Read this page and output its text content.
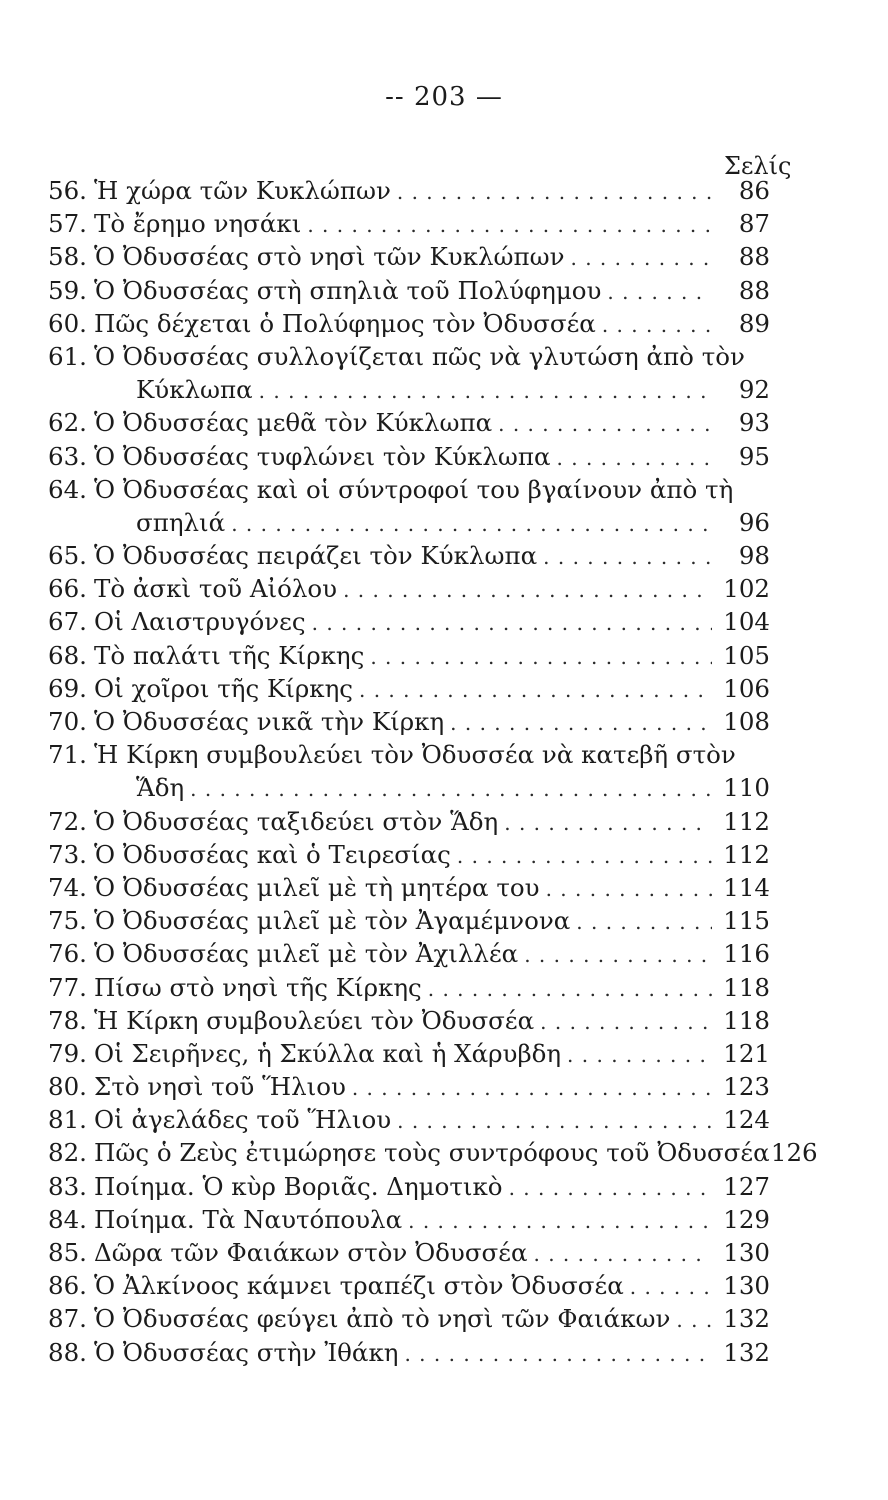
-- 203 —
Σελίς
56. Ἡ χώρα τῶν Κυκλώπων . . .	86
57. Τὸ ἔρημο νησάκι . . .	87
58. Ὁ Ὀδυσσέας στὸ νησὶ τῶν Κυκλώπων . . .	88
59. Ὁ Ὀδυσσέας στὴ σπηλιὰ τοῦ Πολύφημου . . .	88
60. Πῶς δέχεται ὁ Πολύφημος τὸν Ὀδυσσέα . . .	89
61. Ὁ Ὀδυσσέας συλλογίζεται πῶς νὰ γλυτώση ἀπὸ τὸν
Κύκλωπα . . .	92
62. Ὁ Ὀδυσσέας μεθᾶ τὸν Κύκλωπα . . .	93
63. Ὁ Ὀδυσσέας τυφλώνει τὸν Κύκλωπα . . .	95
64. Ὁ Ὀδυσσέας καὶ οἱ σύντροφοί του βγαίνουν ἀπὸ τὴ
σπηλιά . . .	96
65. Ὁ Ὀδυσσέας πειράζει τὸν Κύκλωπα . . .	98
66. Τὸ ἀσκὶ τοῦ Αἰόλου . . .	102
67. Οἱ Λαιστρυγόνες . . .	104
68. Τὸ παλάτι τῆς Κίρκης . . .	105
69. Οἱ χοῖροι τῆς Κίρκης . . .	106
70. Ὁ Ὀδυσσέας νικᾶ τὴν Κίρκη . . .	108
71. Ἡ Κίρκη συμβουλεύει τὸν Ὀδυσσέα νὰ κατεβῆ στὸν
Ἅδη . . .	110
72. Ὁ Ὀδυσσέας ταξιδεύει στὸν Ἅδη . . .	112
73. Ὁ Ὀδυσσέας καὶ ὁ Τειρεσίας . . .	112
74. Ὁ Ὀδυσσέας μιλεῖ μὲ τὴ μητέρα του . . .	114
75. Ὁ Ὀδυσσέας μιλεῖ μὲ τὸν Ἀγαμέμνονα . . .	115
76. Ὁ Ὀδυσσέας μιλεῖ μὲ τὸν Ἀχιλλέα . . .	116
77. Πίσω στὸ νησὶ τῆς Κίρκης . . .	118
78. Ἡ Κίρκη συμβουλεύει τὸν Ὀδυσσέα . . .	118
79. Οἱ Σειρῆνες, ἡ Σκύλλα καὶ ἡ Χάρυβδη . . .	121
80. Στὸ νησὶ τοῦ Ἥλιου . . .	123
81. Οἱ ἀγελάδες τοῦ Ἥλιου . . .	124
82. Πῶς ὁ Ζεὺς ἐτιμώρησε τοὺς συντρόφους τοῦ Ὀδυσσέα 126
83. Ποίημα. Ὁ κὺρ Βοριᾶς. Δημοτικὸ . . .	127
84. Ποίημα. Τὰ Ναυτόπουλα . . .	129
85. Δῶρα τῶν Φαιάκων στὸν Ὀδυσσέα . . .	130
86. Ὁ Ἀλκίνοος κάμνει τραπέζι στὸν Ὀδυσσέα . . .	130
87. Ὁ Ὀδυσσέας φεύγει ἀπὸ τὸ νησὶ τῶν Φαιάκων . . . 132
88. Ὁ Ὀδυσσέας στὴν Ἰθάκη . . .	132
